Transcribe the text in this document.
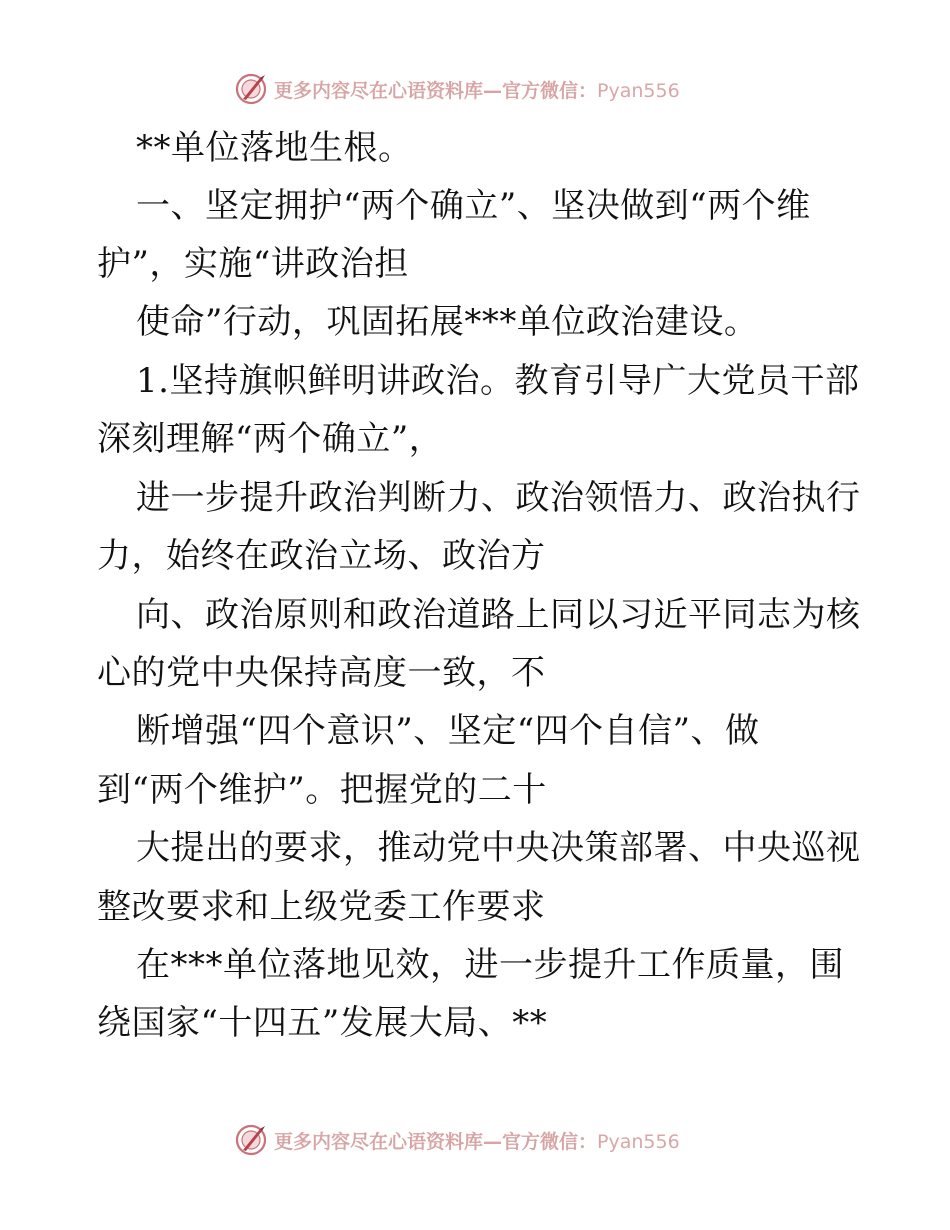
更多内容尽在心语资料库—官方微信：Pyan556
**单位落地生根。
一、坚定拥护“两个确立”、坚决做到“两个维
护”，实施“讲政治担
使命”行动，巩固拓展***单位政治建设。
1.坚持旗帜鲜明讲政治。教育引导广大党员干部
深刻理解“两个确立”，
进一步提升政治判断力、政治领悟力、政治执行
力，始终在政治立场、政治方
向、政治原则和政治道路上同以习近平同志为核
心的党中央保持高度一致，不
断增强“四个意识”、坚定“四个自信”、做
到“两个维护”。把握党的二十
大提出的要求，推动党中央决策部署、中央巡视
整改要求和上级党委工作要求
在***单位落地见效，进一步提升工作质量，围
绕国家“十四五”发展大局、**
更多内容尽在心语资料库—官方微信：Pyan556
